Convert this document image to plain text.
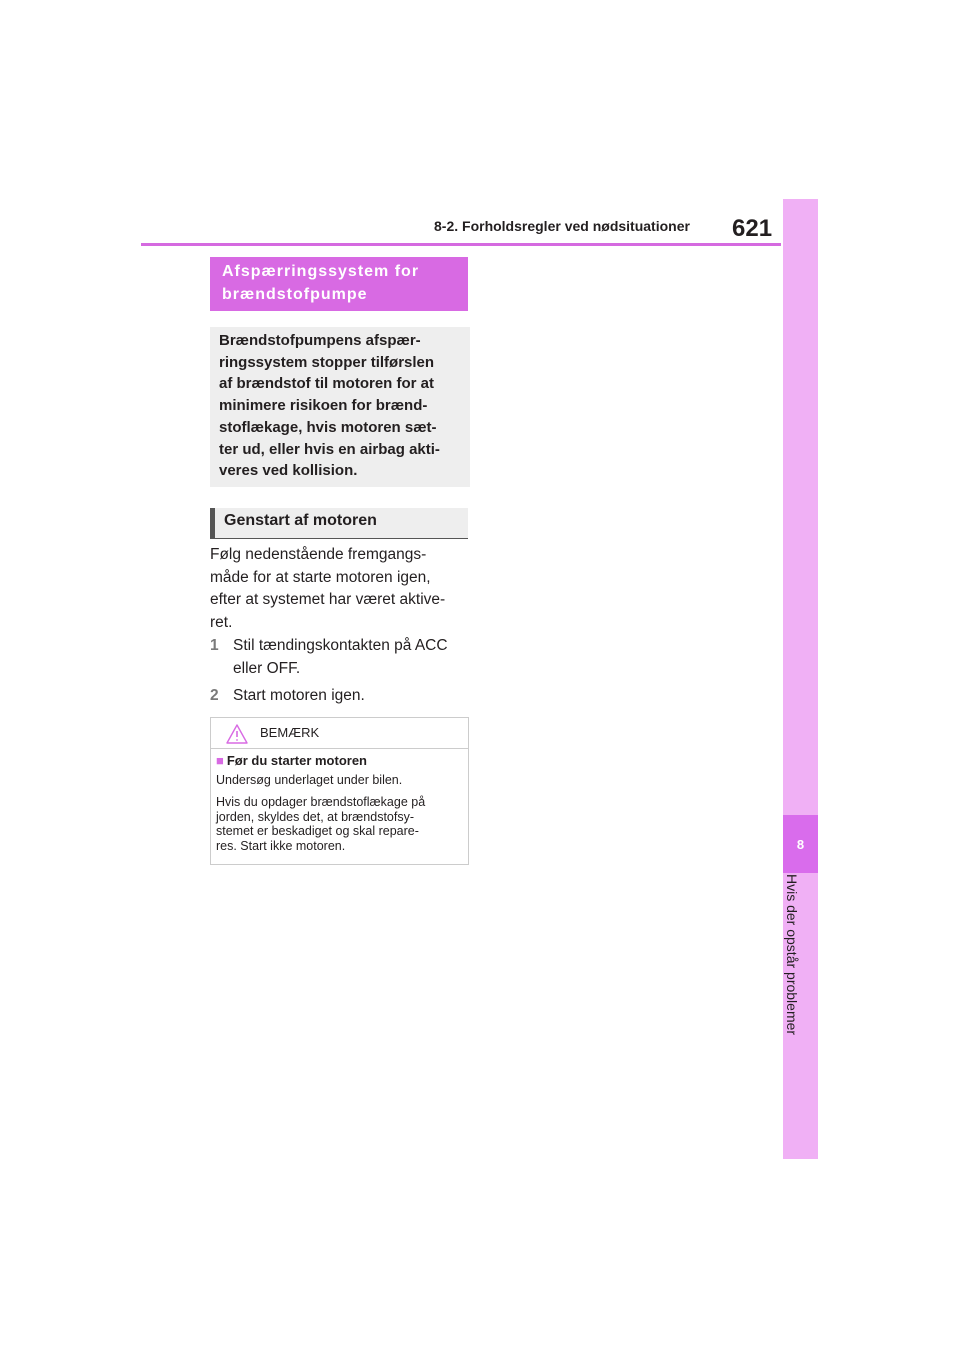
8-2. Forholdsregler ved nødsituationer 621
8
Hvis der opstår problemer
Afspærringssystem for
brændstofpumpe
Brændstofpumpens afspær-
ringssystem stopper tilførslen
af brændstof til motoren for at
minimere risikoen for brænd-
stoflækage, hvis motoren sæt-
ter ud, eller hvis en airbag akti-
veres ved kollision.
Genstart af motoren
Følg nedenstående fremgangs-
måde for at starte motoren igen,
efter at systemet har været aktive-
ret.
1 Stil tændingskontakten på ACC
eller OFF.
2 Start motoren igen.
BEMÆRK
■ Før du starter motoren
Undersøg underlaget under bilen.
Hvis du opdager brændstoflækage på
jorden, skyldes det, at brændstofsy-
stemet er beskadiget og skal repare-
res. Start ikke motoren.
